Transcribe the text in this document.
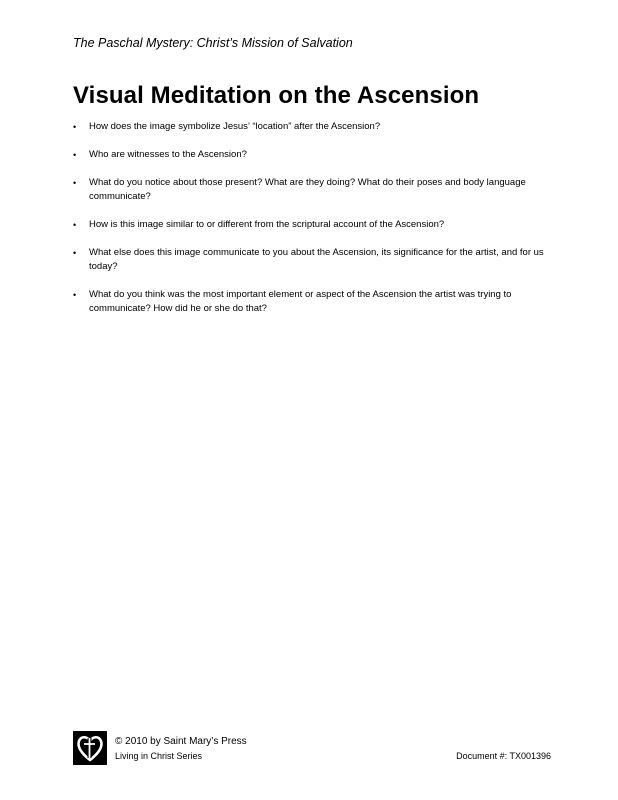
The Paschal Mystery: Christ’s Mission of Salvation
Visual Meditation on the Ascension
• How does the image symbolize Jesus’ “location” after the Ascension?
• Who are witnesses to the Ascension?
• What do you notice about those present? What are they doing? What do their poses and body language communicate?
• How is this image similar to or different from the scriptural account of the Ascension?
• What else does this image communicate to you about the Ascension, its significance for the artist, and for us today?
• What do you think was the most important element or aspect of the Ascension the artist was trying to communicate? How did he or she do that?
© 2010 by Saint Mary’s Press
Living in Christ Series	Document #: TX001396
